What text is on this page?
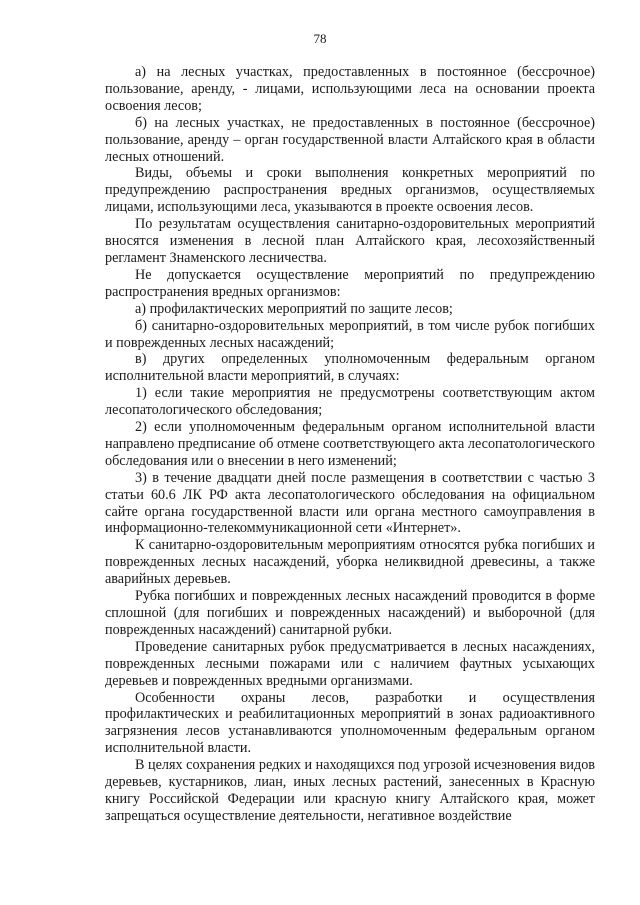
78

а) на лесных участках, предоставленных в постоянное (бессрочное) пользование, аренду, - лицами, использующими леса на основании проекта освоения лесов;

б) на лесных участках, не предоставленных в постоянное (бессрочное) пользование, аренду – орган государственной власти Алтайского края в области лесных отношений.

Виды, объемы и сроки выполнения конкретных мероприятий по предупреждению распространения вредных организмов, осуществляемых лицами, использующими леса, указываются в проекте освоения лесов.

По результатам осуществления санитарно-оздоровительных мероприятий вносятся изменения в лесной план Алтайского края, лесохозяйственный регламент Знаменского лесничества.

Не допускается осуществление мероприятий по предупреждению распространения вредных организмов:

а) профилактических мероприятий по защите лесов;

б) санитарно-оздоровительных мероприятий, в том числе рубок погибших и поврежденных лесных насаждений;

в) других определенных уполномоченным федеральным органом исполнительной власти мероприятий, в случаях:

1) если такие мероприятия не предусмотрены соответствующим актом лесопатологического обследования;

2) если уполномоченным федеральным органом исполнительной власти направлено предписание об отмене соответствующего акта лесопатологического обследования или о внесении в него изменений;

3) в течение двадцати дней после размещения в соответствии с частью 3 статьи 60.6 ЛК РФ акта лесопатологического обследования на официальном сайте органа государственной власти или органа местного самоуправления в информационно-телекоммуникационной сети «Интернет».

К санитарно-оздоровительным мероприятиям относятся рубка погибших и поврежденных лесных насаждений, уборка неликвидной древесины, а также аварийных деревьев.

Рубка погибших и поврежденных лесных насаждений проводится в форме сплошной (для погибших и поврежденных насаждений) и выборочной (для поврежденных насаждений) санитарной рубки.

Проведение санитарных рубок предусматривается в лесных насаждениях, поврежденных лесными пожарами или с наличием фаутных усыхающих деревьев и поврежденных вредными организмами.

Особенности охраны лесов, разработки и осуществления профилактических и реабилитационных мероприятий в зонах радиоактивного загрязнения лесов устанавливаются уполномоченным федеральным органом исполнительной власти.

В целях сохранения редких и находящихся под угрозой исчезновения видов деревьев, кустарников, лиан, иных лесных растений, занесенных в Красную книгу Российской Федерации или красную книгу Алтайского края, может запрещаться осуществление деятельности, негативное воздействие
